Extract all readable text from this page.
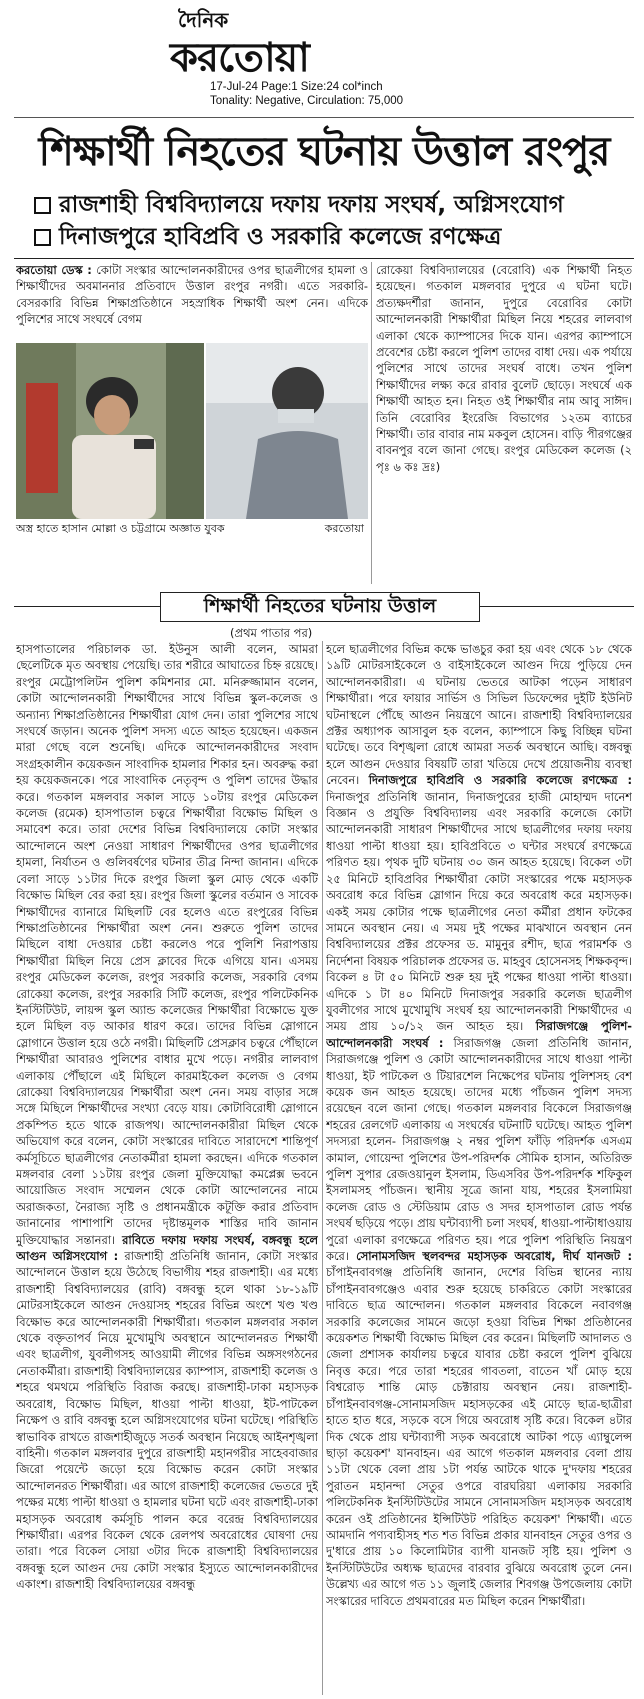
দৈনিক
করতোয়া
17-Jul-24 Page:1 Size:24 col*inch
Tonality: Negative, Circulation: 75,000
শিক্ষার্থী নিহতের ঘটনায় উত্তাল রংপুর
রাজশাহী বিশ্ববিদ্যালয়ে দফায় দফায় সংঘর্ষ, অগ্নিসংযোগ
দিনাজপুরে হাবিপ্রবি ও সরকারি কলেজে রণক্ষেত্র
করতোয়া ডেস্ক : কোটা সংস্কার আন্দোলনকারীদের ওপর ছাত্রলীগের হামলা ও শিক্ষার্থীদের অবমাননার প্রতিবাদে উত্তাল রংপুর নগরী। এতে সরকারি-বেসরকারি বিভিন্ন শিক্ষাপ্রতিষ্ঠানে সহস্রাধিক শিক্ষার্থী অংশ নেন। এদিকে পুলিশের সাথে সংঘর্ষে বেগম
অস্ত্র হাতে হাসান মোল্লা ও চট্টগ্রামে অজ্ঞাত যুবক	করতোয়া
রোকেয়া বিশ্ববিদ্যালয়ের (বেরোবি) এক শিক্ষার্থী নিহত হয়েছেন। গতকাল মঙ্গলবার দুপুরে এ ঘটনা ঘটে। প্রত্যক্ষদর্শীরা জানান, দুপুরে বেরোবির কোটা আন্দোলনকারী শিক্ষার্থীরা মিছিল নিয়ে শহরের লালবাগ এলাকা থেকে ক্যাম্পাসের দিকে যান। এরপর ক্যাম্পাসে প্রবেশের চেষ্টা করলে পুলিশ তাদের বাধা দেয়। এক পর্যায়ে পুলিশের সাথে তাদের সংঘর্ষ বাধে। তখন পুলিশ শিক্ষার্থীদের লক্ষ্য করে রাবার বুলেট ছোড়ে। সংঘর্ষে এক শিক্ষার্থী আহত হন। নিহত ওই শিক্ষার্থীর নাম আবু সাঈদ। তিনি বেরোবির ইংরেজি বিভাগের ১২তম ব্যাচের শিক্ষার্থী। তার বাবার নাম মকবুল হোসেন। বাড়ি পীরগঞ্জের বাবনপুর বলে জানা গেছে। রংপুর মেডিকেল কলেজ (২ পৃঃ ৬ কঃ দ্রঃ)
শিক্ষার্থী নিহতের ঘটনায় উত্তাল
(প্রথম পাতার পর)
হাসপাতালের পরিচালক ডা. ইউনুস আলী বলেন, আমরা ছেলেটিকে মৃত অবস্থায় পেয়েছি। তার শরীরে আঘাতের চিহ্ন রয়েছে। রংপুর মেট্রোপলিটন পুলিশ কমিশনার মো. মনিরুজ্জামান বলেন, কোটা আন্দোলনকারী শিক্ষার্থীদের সাথে বিভিন্ন স্কুল-কলেজ ও অন্যান্য শিক্ষাপ্রতিষ্ঠানের শিক্ষার্থীরা যোগ দেন। তারা পুলিশের সাথে সংঘর্ষে জড়ান। অনেক পুলিশ সদস্য এতে আহত হয়েছেন। একজন মারা গেছে বলে শুনেছি। এদিকে আন্দোলনকারীদের সংবাদ সংগ্রহকালীন কয়েকজন সাংবাদিক হামলার শিকার হন। অবরুদ্ধ করা হয় কয়েকজনকে। পরে সাংবাদিক নেতৃবৃন্দ ও পুলিশ তাদের উদ্ধার করে। গতকাল মঙ্গলবার সকাল সাড়ে ১০টায় রংপুর মেডিকেল কলেজ (রমেক) হাসপাতাল চত্বরে শিক্ষার্থীরা বিক্ষোভ মিছিল ও সমাবেশ করে। তারা দেশের বিভিন্ন বিশ্ববিদ্যালয়ে কোটা সংস্কার আন্দোলনে অংশ নেওয়া সাধারণ শিক্ষার্থীদের ওপর ছাত্রলীগের হামলা, নির্যাতন ও গুলিবর্ষণের ঘটনার তীব্র নিন্দা জানান। এদিকে বেলা সাড়ে ১১টার দিকে রংপুর জিলা স্কুল মোড় থেকে একটি বিক্ষোভ মিছিল বের করা হয়। রংপুর জিলা স্কুলের বর্তমান ও সাবেক শিক্ষার্থীদের ব্যানারে মিছিলটি বের হলেও এতে রংপুরের বিভিন্ন শিক্ষাপ্রতিষ্ঠানের শিক্ষার্থীরা অংশ নেন। শুরুতে পুলিশ তাদের মিছিলে বাধা দেওয়ার চেষ্টা করলেও পরে পুলিশি নিরাপত্তায় শিক্ষার্থীরা মিছিল নিয়ে প্রেস ক্লাবের দিকে এগিয়ে যান। এসময় রংপুর মেডিকেল কলেজ, রংপুর সরকারি কলেজ, সরকারি বেগম রোকেয়া কলেজ, রংপুর সরকারি সিটি কলেজ, রংপুর পলিটেকনিক ইনস্টিটিউট, লায়ন্স স্কুল অ্যান্ড কলেজের শিক্ষার্থীরা বিক্ষোভে যুক্ত হলে মিছিল বড় আকার ধারণ করে। তাদের বিভিন্ন স্লোগানে স্লোগানে উত্তাল হয়ে ওঠে নগরী। মিছিলটি প্রেসক্লাব চত্বরে পৌঁছালে শিক্ষার্থীরা আবারও পুলিশের বাধার মুখে পড়ে। নগরীর লালবাগ এলাকায় পৌঁছালে এই মিছিলে কারমাইকেল কলেজ ও বেগম রোকেয়া বিশ্ববিদ্যালয়ের শিক্ষার্থীরা অংশ নেন। সময় বাড়ার সঙ্গে সঙ্গে মিছিলে শিক্ষার্থীদের সংখ্যা বেড়ে যায়। কোটাবিরোধী স্লোগানে প্রকম্পিত হতে থাকে রাজপথ। আন্দোলনকারীরা মিছিল থেকে অভিযোগ করে বলেন, কোটা সংস্কারের দাবিতে সারাদেশে শান্তিপূর্ণ কর্মসূচিতে ছাত্রলীগের নেতাকর্মীরা হামলা করছেন। এদিকে গতকাল মঙ্গলবার বেলা ১১টায় রংপুর জেলা মুক্তিযোদ্ধা কমপ্লেক্স ভবনে আয়োজিত সংবাদ সম্মেলন থেকে কোটা আন্দোলনের নামে অরাজকতা, নৈরাজ্য সৃষ্টি ও প্রধানমন্ত্রীকে কটূক্তি করার প্রতিবাদ জানানোর পাশাপাশি তাদের দৃষ্টান্তমূলক শাস্তির দাবি জানান মুক্তিযোদ্ধার সন্তানরা। রাবিতে দফায় দফায় সংঘর্ষ, বঙ্গবন্ধু হলে আগুন অগ্নিসংযোগ : রাজশাহী প্রতিনিধি জানান, কোটা সংস্কার আন্দোলনে উত্তাল হয়ে উঠেছে বিভাগীয় শহর রাজশাহী। এর মধ্যে রাজশাহী বিশ্ববিদ্যালয়ের (রাবি) বঙ্গবন্ধু হলে থাকা ১৮-১৯টি মোটরসাইকেলে আগুন দেওয়াসহ শহরের বিভিন্ন অংশে খণ্ড খণ্ড বিক্ষোভ করে আন্দোলনকারী শিক্ষার্থীরা। গতকাল মঙ্গলবার সকাল থেকে বক্তৃতাপর্ব নিয়ে মুখোমুখি অবস্থানে আন্দোলনরত শিক্ষার্থী এবং ছাত্রলীগ, যুবলীগসহ আওয়ামী লীগের বিভিন্ন অঙ্গসংগঠনের নেতাকর্মীরা। রাজশাহী বিশ্ববিদ্যালয়ের ক্যাম্পাস, রাজশাহী কলেজ ও শহরে থমথমে পরিস্থিতি বিরাজ করছে। রাজশাহী-ঢাকা মহাসড়ক অবরোধ, বিক্ষোভ মিছিল, ধাওয়া পাল্টা ধাওয়া, ইট-পাটকেল নিক্ষেপ ও রাবি বঙ্গবন্ধু হলে অগ্নিসংযোগের ঘটনা ঘটেছে। পরিস্থিতি স্বাভাবিক রাখতে রাজশাহীজুড়ে সতর্ক অবস্থান নিয়েছে আইনশৃঙ্খলা বাহিনী। গতকাল মঙ্গলবার দুপুরে রাজশাহী মহানগরীর সাহেববাজার জিরো পয়েন্টে জড়ো হয়ে বিক্ষোভ করেন কোটা সংস্কার আন্দোলনরত শিক্ষার্থীরা। এর আগে রাজশাহী কলেজের ভেতরে দুই পক্ষের মধ্যে পাল্টা ধাওয়া ও হামলার ঘটনা ঘটে এবং রাজশাহী-ঢাকা মহাসড়ক অবরোধ কর্মসূচি পালন করে বরেন্দ্র বিশ্ববিদ্যালয়ের শিক্ষার্থীরা। এরপর বিকেল থেকে রেলপথ অবরোধের ঘোষণা দেয় তারা। পরে বিকেল সোয়া ৩টার দিকে রাজশাহী বিশ্ববিদ্যালয়ের বঙ্গবন্ধু হলে আগুন দেয় কোটা সংস্কার ইস্যুতে আন্দোলনকারীদের একাংশ। রাজশাহী বিশ্ববিদ্যালয়ের বঙ্গবন্ধু
হলে ছাত্রলীগের বিভিন্ন কক্ষে ভাঙচুর করা হয় এবং থেকে ১৮ থেকে ১৯টি মোটরসাইকেলে ও বাইসাইকেলে আগুন দিয়ে পুড়িয়ে দেন আন্দোলনকারীরা। এ ঘটনায় ভেতরে আটকা পড়েন সাধারণ শিক্ষার্থীরা। পরে ফায়ার সার্ভিস ও সিভিল ডিফেন্সের দুইটি ইউনিট ঘটনাস্থলে পৌঁছে আগুন নিয়ন্ত্রণে আনে। রাজশাহী বিশ্ববিদ্যালয়ের প্রক্টর অধ্যাপক আসাবুল হক বলেন, ক্যাম্পাসে কিছু বিচ্ছিন্ন ঘটনা ঘটেছে। তবে বিশৃঙ্খলা রোধে আমরা সতর্ক অবস্থানে আছি। বঙ্গবন্ধু হলে আগুন দেওয়ার বিষয়টি তারা খতিয়ে দেখে প্রয়োজনীয় ব্যবস্থা নেবেন। দিনাজপুরে হাবিপ্রবি ও সরকারি কলেজে রণক্ষেত্র : দিনাজপুর প্রতিনিধি জানান, দিনাজপুরের হাজী মোহাম্মদ দানেশ বিজ্ঞান ও প্রযুক্তি বিশ্ববিদ্যালয় এবং সরকারি কলেজে কোটা আন্দোলনকারী সাধারণ শিক্ষার্থীদের সাথে ছাত্রলীগের দফায় দফায় ধাওয়া পাল্টা ধাওয়া হয়। হাবিপ্রবিতে ৩ ঘন্টার সংঘর্ষে রণক্ষেত্রে পরিণত হয়। পৃথক দুটি ঘটনায় ৩০ জন আহত হয়েছে। বিকেল ৩টা ২৫ মিনিটে হাবিপ্রবির শিক্ষার্থীরা কোটা সংস্কারের পক্ষে মহাসড়ক অবরোধ করে বিভিন্ন স্লোগান দিয়ে করে অবরোধ করে মহাসড়ক। একই সময় কোটার পক্ষে ছাত্রলীগের নেতা কর্মীরা প্রধান ফটকের সামনে অবস্থান নেয়। এ সময় দুই পক্ষের মাঝখানে অবস্থান নেন বিশ্ববিদ্যালয়ের প্রক্টর প্রফেসর ড. মামুনুর রশীদ, ছাত্র পরামর্শক ও নির্দেশনা বিষয়ক পরিচালক প্রফেসর ড. মাহবুব হোসেনসহ শিক্ষকবৃন্দ। বিকেল ৪ টা ৫০ মিনিটে শুরু হয় দুই পক্ষের ধাওয়া পাল্টা ধাওয়া। এদিকে ১ টা ৪০ মিনিটে দিনাজপুর সরকারি কলেজ ছাত্রলীগ যুবলীগের সাথে মুখোমুখি সংঘর্ষ হয় আন্দোলনকারী শিক্ষার্থীদের এ সময় প্রায় ১০/১২ জন আহত হয়। সিরাজগঞ্জে পুলিশ-আন্দোলনকারী সংঘর্ষ : সিরাজগঞ্জ জেলা প্রতিনিধি জানান, সিরাজগঞ্জে পুলিশ ও কোটা আন্দোলনকারীদের সাথে ধাওয়া পাল্টা ধাওয়া, ইট পাটকেল ও টিয়ারশেল নিক্ষেপের ঘটনায় পুলিশসহ বেশ কয়েক জন আহত হয়েছে। তাদের মধ্যে পাঁচজন পুলিশ সদস্য রয়েছেন বলে জানা গেছে। গতকাল মঙ্গলবার বিকেলে সিরাজগঞ্জ শহরের রেলগেট এলাকায় এ সংঘর্ষের ঘটনাটি ঘটেছে। আহত পুলিশ সদস্যরা হলেন- সিরাজগঞ্জ ২ নম্বর পুলিশ ফাঁড়ি পরিদর্শক এসএম কামাল, গোয়েন্দা পুলিশের উপ-পরিদর্শক সৌমিক হাসান, অতিরিক্ত পুলিশ সুপার রেজওয়ানুল ইসলাম, ডিএসবির উপ-পরিদর্শক শফিকুল ইসলামসহ পাঁচজন। স্থানীয় সূত্রে জানা যায়, শহরের ইসলামিয়া কলেজ রোড ও স্টেডিয়াম রোড ও সদর হাসপাতাল রোড পর্যন্ত সংঘর্ষ ছড়িয়ে পড়ে। প্রায় ঘন্টাব্যাপী চলা সংঘর্ষ, ধাওয়া-পাল্টাধাওয়ায় পুরো এলাকা রণক্ষেত্রে পরিণত হয়। পরে পুলিশ পরিস্থিতি নিয়ন্ত্রণ করে। সোনামসজিদ স্থলবন্দর মহাসড়ক অবরোধ, দীর্ঘ যানজট : চাঁপাইনবাবগঞ্জ প্রতিনিধি জানান, দেশের বিভিন্ন স্থানের ন্যায় চাঁপাইনবাবগঞ্জেও এবার শুরু হয়েছে চাকরিতে কোটা সংস্কারের দাবিতে ছাত্র আন্দোলন। গতকাল মঙ্গলবার বিকেলে নবাবগঞ্জ সরকারি কলেজের সামনে জড়ো হওয়া বিভিন্ন শিক্ষা প্রতিষ্ঠানের কয়েকশত শিক্ষার্থী বিক্ষোভ মিছিল বের করেন। মিছিলটি আদালত ও জেলা প্রশাসক কার্যালয় চত্বরে যাবার চেষ্টা করলে পুলিশ বুঝিয়ে নিবৃত্ত করে। পরে তারা শহরের গাবতলা, বাতেন খাঁ মোড় হয়ে বিশ্বরোড় শান্তি মোড় চেক্টারায় অবস্থান নেয়। রাজশাহী-চাঁপাইনবাবগঞ্জ-সোনামসজিদ মহাসড়কের এই মোড়ে ছাত্র-ছাত্রীরা হাতে হাত ধরে, সড়কে বসে গিয়ে অবরোধ সৃষ্টি করে। বিকেল ৪টার দিক থেকে প্রায় ঘন্টাব্যাপী সড়ক অবরোধে আটকা পড়ে এ্যাম্বুলেন্স ছাড়া কয়েকশ' যানবাহন। এর আগে গতকাল মঙ্গলবার বেলা প্রায় ১১টা থেকে বেলা প্রায় ১টা পর্যন্ত আটকে থাকে দু'দফায় শহরের পুরাতন মহানন্দা সেতুর ওপরে বারঘরিয়া এলাকায় সরকারি পলিটেকনিক ইনস্টিটিউটের সামনে সোনামসজিদ মহাসড়ক অবরোধ করেন ওই প্রতিষ্ঠানের ইন্সিটিউট পরিহিত কয়েকশ' শিক্ষার্থী। এতে আমদানি পণ্যবাহীসহ শত শত বিভিন্ন প্রকার যানবাহন সেতুর ওপর ও দু'ধারে প্রায় ১০ কিলোমিটার ব্যাপী যানজট সৃষ্টি হয়। পুলিশ ও ইনস্টিটিউটের অধ্যক্ষ ছাত্রদের বারবার বুঝিয়ে অবরোধ তুলে নেন। উল্লেখ্য এর আগে গত ১১ জুলাই জেলার শিবগঞ্জ উপজেলায় কোটা সংস্কারের দাবিতে প্রথমবারের মত মিছিল করেন শিক্ষার্থীরা।
